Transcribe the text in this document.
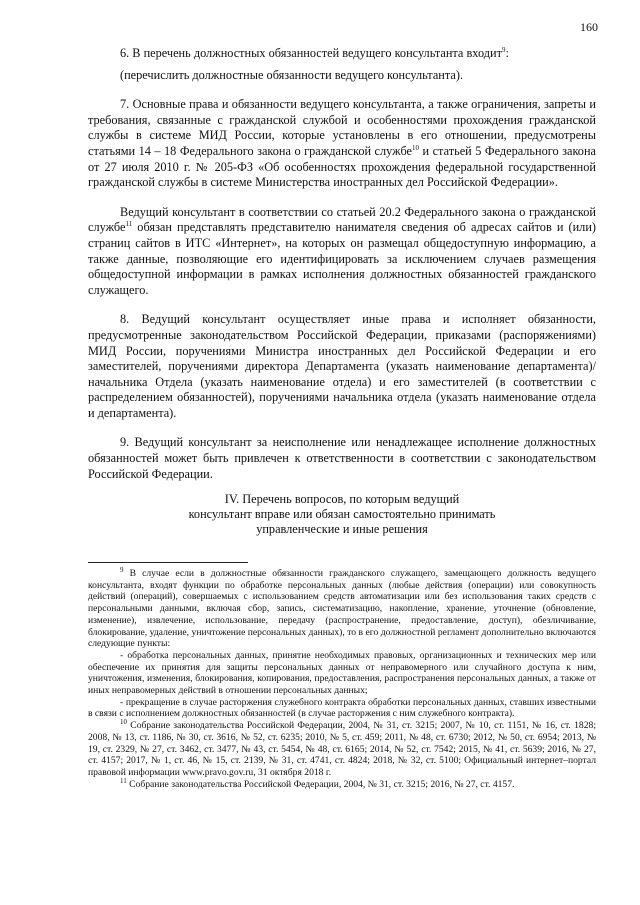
160

6. В перечень должностных обязанностей ведущего консультанта входит$^9$:

(перечислить должностные обязанности ведущего консультанта).

7. Основные права и обязанности ведущего консультанта, а также ограничения, запреты и требования, связанные с гражданской службой и особенностями прохождения гражданской службы в системе МИД России, которые установлены в его отношении, предусмотрены статьями 14 – 18 Федерального закона о гражданской службе$^{10}$ и статьей 5 Федерального закона от 27 июля 2010 г. № 205-ФЗ «Об особенностях прохождения федеральной государственной гражданской службы в системе Министерства иностранных дел Российской Федерации».

Ведущий консультант в соответствии со статьей 20.2 Федерального закона о гражданской службе$^{11}$ обязан представлять представителю нанимателя сведения об адресах сайтов и (или) страниц сайтов в ИТС «Интернет», на которых он размещал общедоступную информацию, а также данные, позволяющие его идентифицировать за исключением случаев размещения общедоступной информации в рамках исполнения должностных обязанностей гражданского служащего.

8. Ведущий консультант осуществляет иные права и исполняет обязанности, предусмотренные законодательством Российской Федерации, приказами (распоряжениями) МИД России, поручениями Министра иностранных дел Российской Федерации и его заместителей, поручениями директора Департамента (указать наименование департамента)/начальника Отдела (указать наименование отдела) и его заместителей (в соответствии с распределением обязанностей), поручениями начальника отдела (указать наименование отдела и департамента).

9. Ведущий консультант за неисполнение или ненадлежащее исполнение должностных обязанностей может быть привлечен к ответственности в соответствии с законодательством Российской Федерации.

IV. Перечень вопросов, по которым ведущий
консультант вправе или обязан самостоятельно принимать
управленческие и иные решения

$^9$ В случае если в должностные обязанности гражданского служащего, замещающего должность ведущего консультанта, входят функции по обработке персональных данных (любые действия (операции) или совокупность действий (операций), совершаемых с использованием средств автоматизации или без использования таких средств с персональными данными, включая сбор, запись, систематизацию, накопление, хранение, уточнение (обновление, изменение), извлечение, использование, передачу (распространение, предоставление, доступ), обезличивание, блокирование, удаление, уничтожение персональных данных), то в его должностной регламент дополнительно включаются следующие пункты:

- обработка персональных данных, принятие необходимых правовых, организационных и технических мер или обеспечение их принятия для защиты персональных данных от неправомерного или случайного доступа к ним, уничтожения, изменения, блокирования, копирования, предоставления, распространения персональных данных, а также от иных неправомерных действий в отношении персональных данных;

- прекращение в случае расторжения служебного контракта обработки персональных данных, ставших известными в связи с исполнением должностных обязанностей (в случае расторжения с ним служебного контракта).

$^{10}$ Собрание законодательства Российской Федерации, 2004, № 31, ст. 3215; 2007, № 10, ст. 1151, № 16, ст. 1828; 2008, № 13, ст. 1186, № 30, ст. 3616, № 52, ст. 6235; 2010, № 5, ст. 459; 2011, № 48, ст. 6730; 2012, № 50, ст. 6954; 2013, № 19, ст. 2329, № 27, ст. 3462, ст. 3477, № 43, ст. 5454, № 48, ст. 6165; 2014, № 52, ст. 7542; 2015, № 41, ст. 5639; 2016, № 27, ст. 4157; 2017, № 1, ст. 46, № 15, ст. 2139, № 31, ст. 4741, ст. 4824; 2018, № 32, ст. 5100; Официальный интернет–портал правовой информации www.pravo.gov.ru, 31 октября 2018 г.

$^{11}$ Собрание законодательства Российской Федерации, 2004, № 31, ст. 3215; 2016, № 27, ст. 4157.
